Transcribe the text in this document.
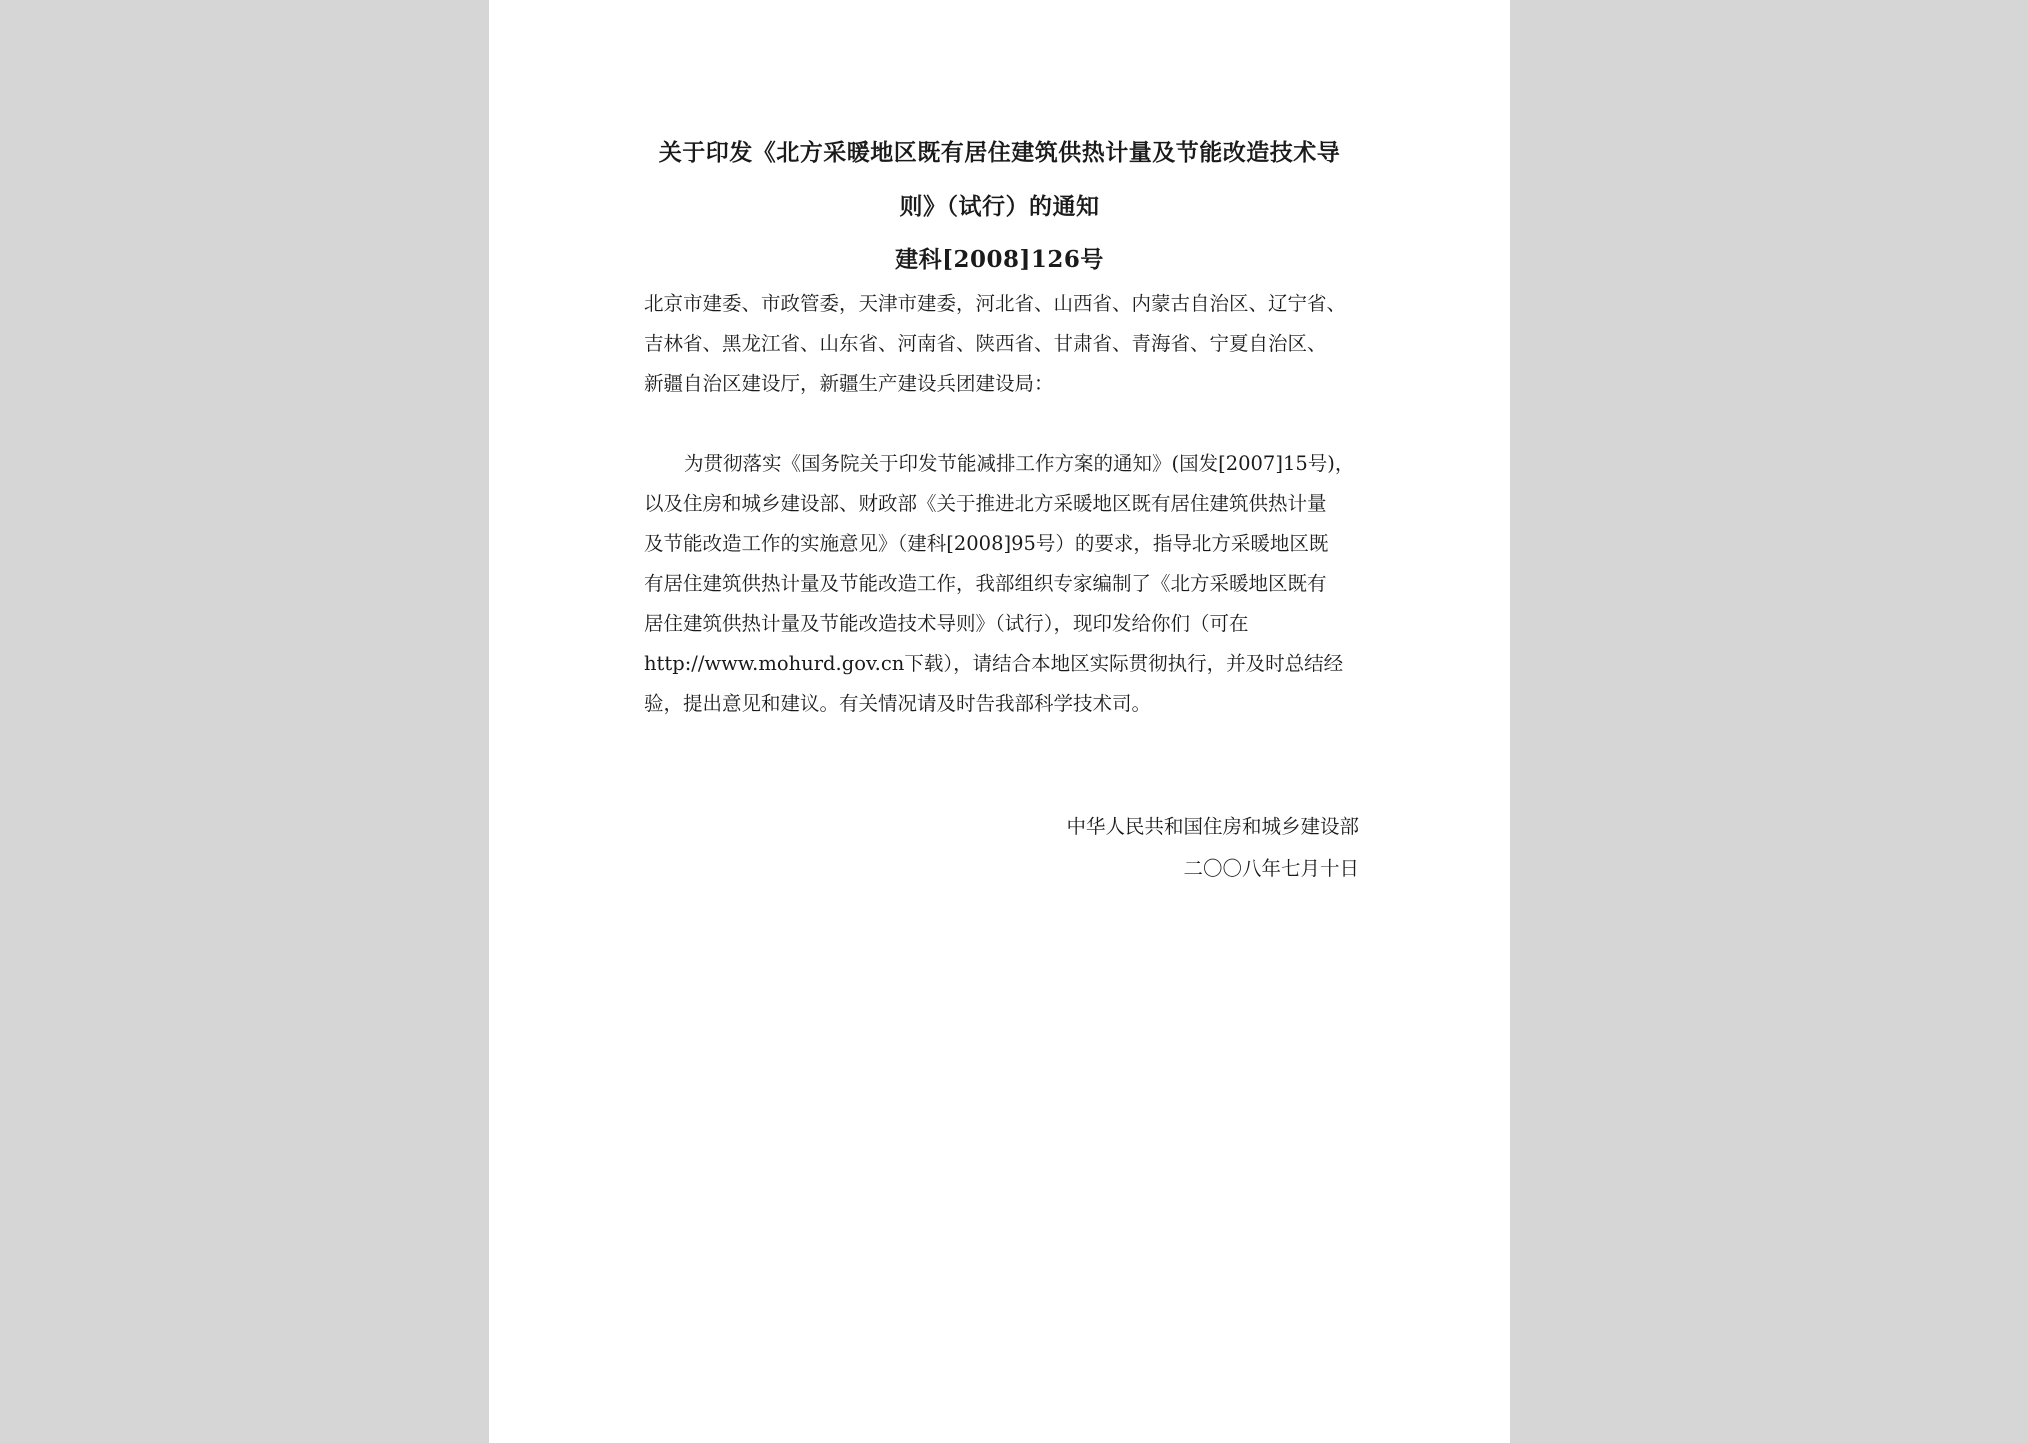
关于印发《北方采暖地区既有居住建筑供热计量及节能改造技术导
则》（试行）的通知
建科[2008]126号
北京市建委、市政管委，天津市建委，河北省、山西省、内蒙古自治区、辽宁省、
吉林省、黑龙江省、山东省、河南省、陕西省、甘肃省、青海省、宁夏自治区、
新疆自治区建设厅，新疆生产建设兵团建设局：
为贯彻落实《国务院关于印发节能减排工作方案的通知》(国发[2007]15号)，
以及住房和城乡建设部、财政部《关于推进北方采暖地区既有居住建筑供热计量
及节能改造工作的实施意见》（建科[2008]95号）的要求，指导北方采暖地区既
有居住建筑供热计量及节能改造工作，我部组织专家编制了《北方采暖地区既有
居住建筑供热计量及节能改造技术导则》（试行），现印发给你们（可在
http://www.mohurd.gov.cn下载），请结合本地区实际贯彻执行，并及时总结经
验，提出意见和建议。有关情况请及时告我部科学技术司。
中华人民共和国住房和城乡建设部
二〇〇八年七月十日
